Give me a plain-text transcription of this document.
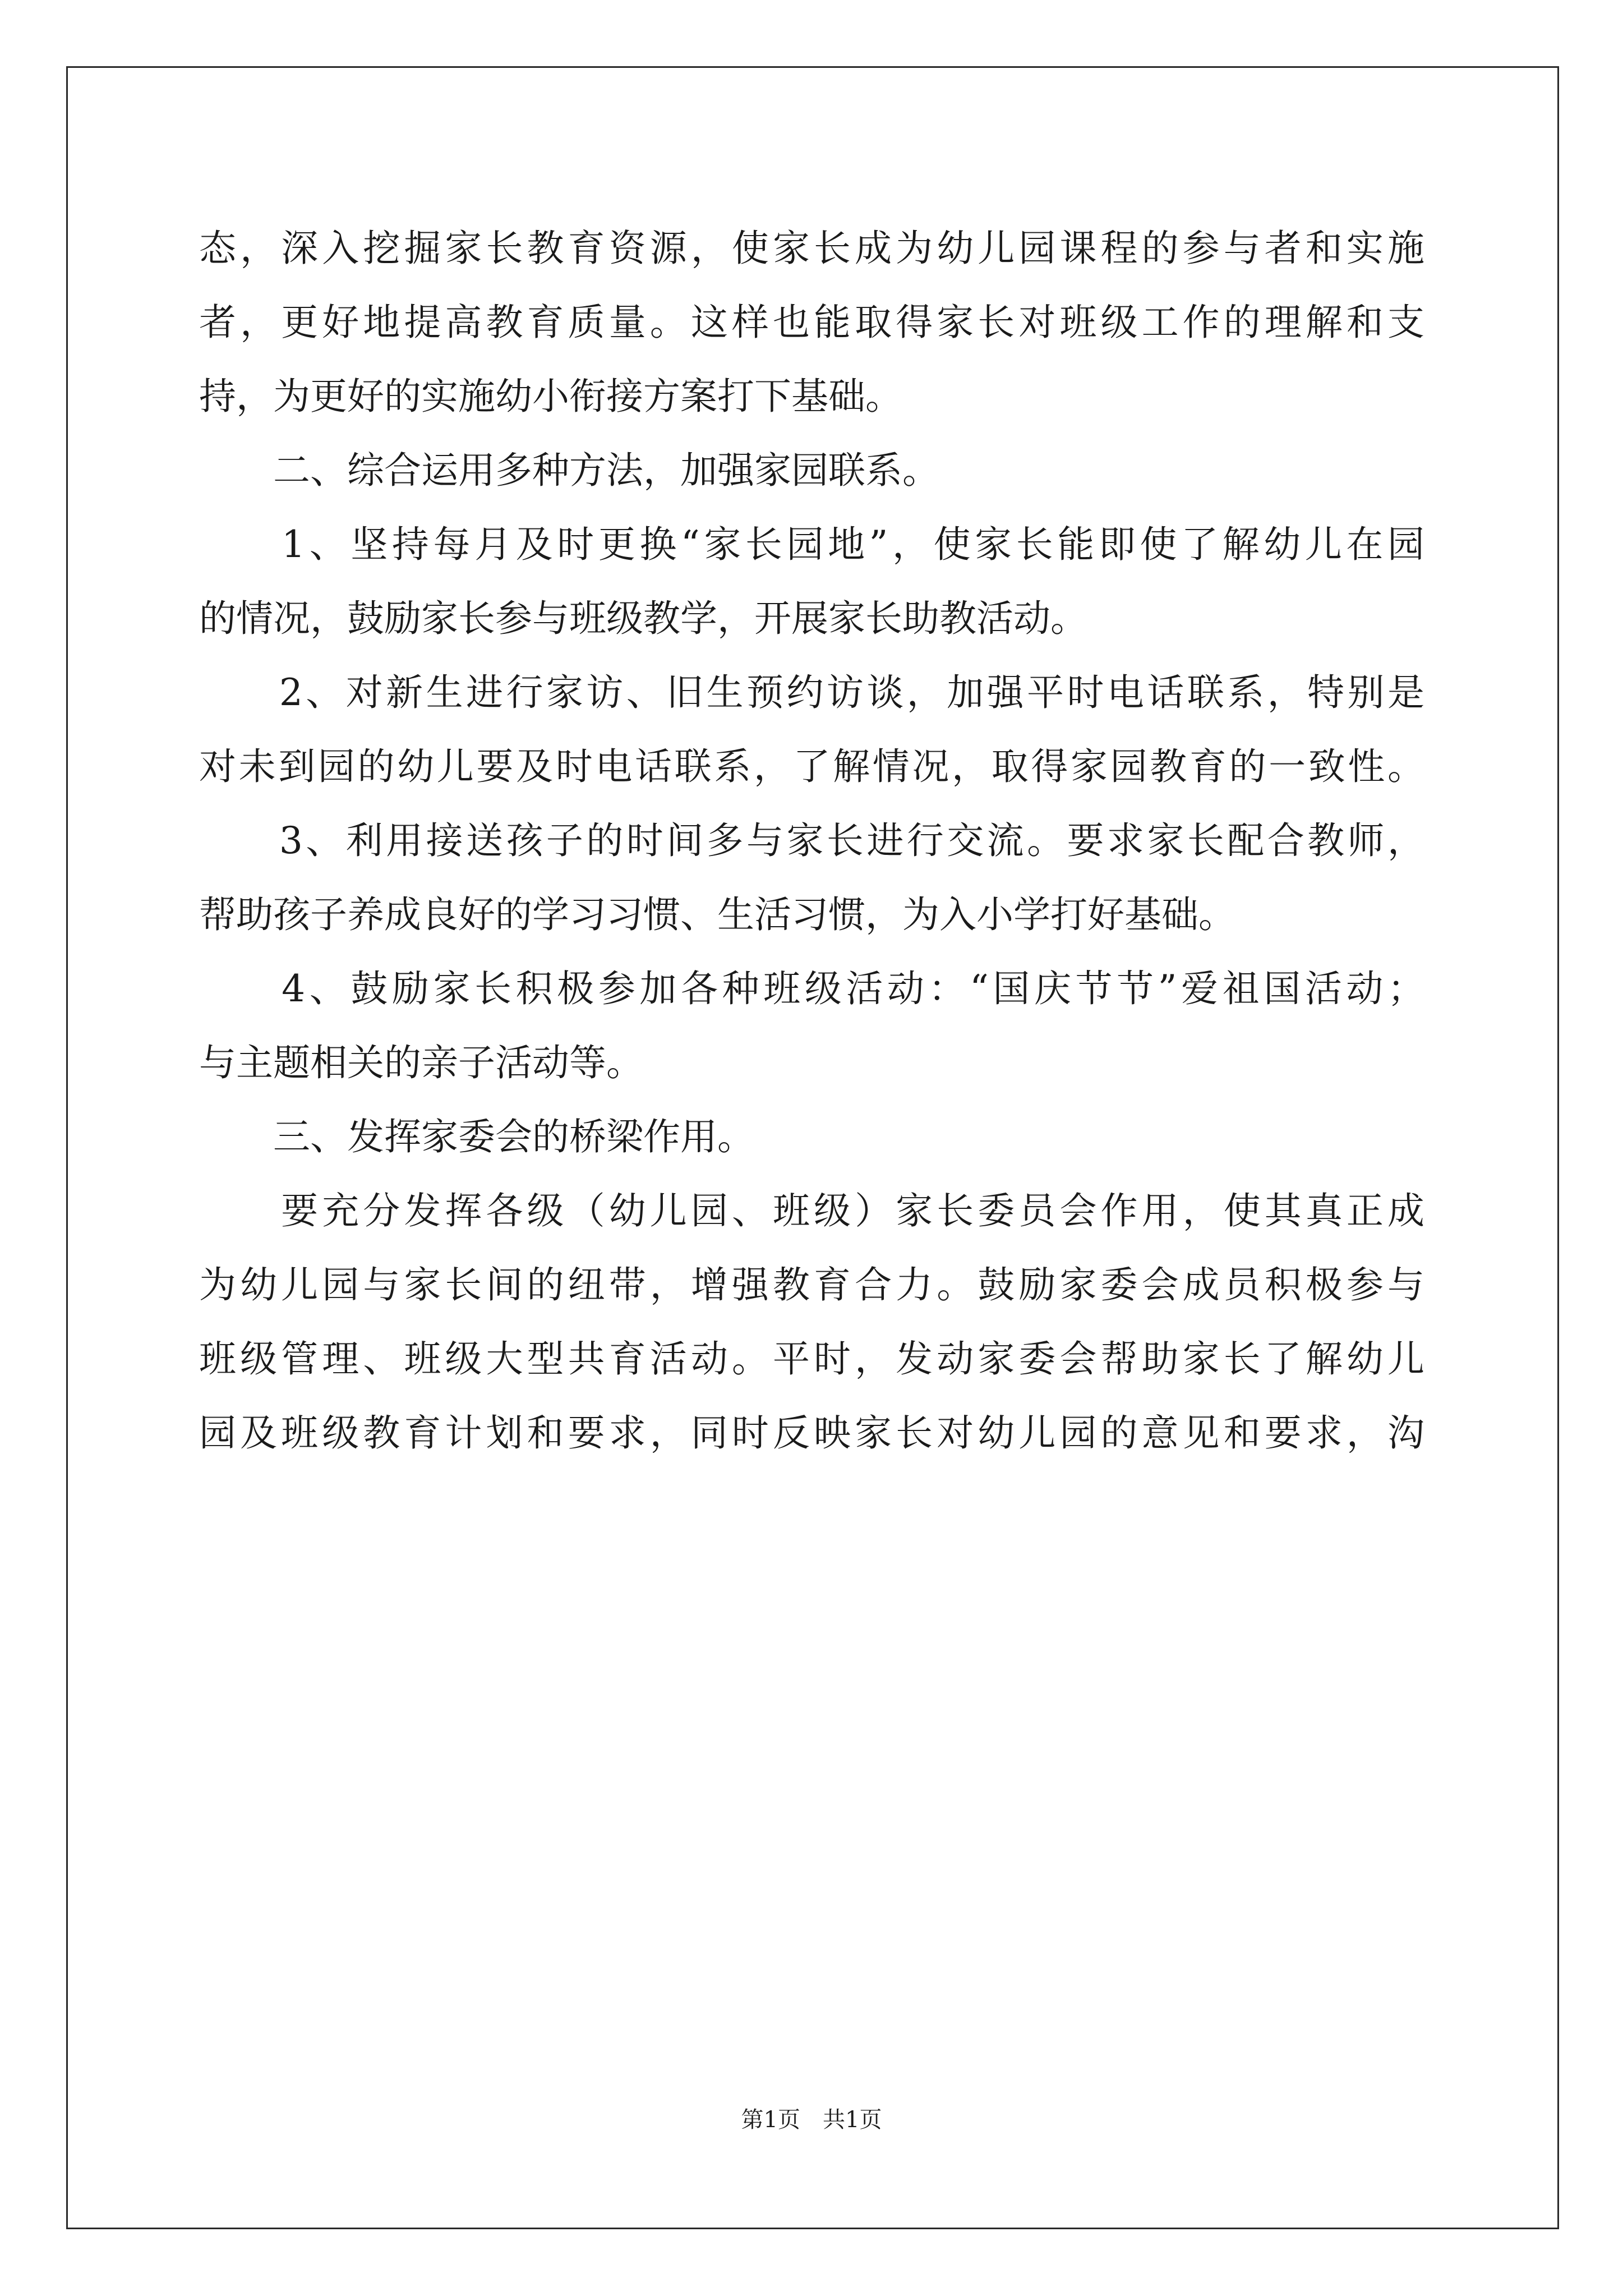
态，深入挖掘家长教育资源，使家长成为幼儿园课程的参与者和实施
者，更好地提高教育质量。这样也能取得家长对班级工作的理解和支
持，为更好的实施幼小衔接方案打下基础。
　　二、综合运用多种方法，加强家园联系。
　　1、坚持每月及时更换“家长园地”，使家长能即使了解幼儿在园
的情况，鼓励家长参与班级教学，开展家长助教活动。
　　2、对新生进行家访、旧生预约访谈，加强平时电话联系，特别是
对未到园的幼儿要及时电话联系，了解情况，取得家园教育的一致性。
　　3、利用接送孩子的时间多与家长进行交流。要求家长配合教师，
帮助孩子养成良好的学习习惯、生活习惯，为入小学打好基础。
　　4、鼓励家长积极参加各种班级活动：“国庆节节”爱祖国活动；
与主题相关的亲子活动等。
　　三、发挥家委会的桥梁作用。
　　要充分发挥各级（幼儿园、班级）家长委员会作用，使其真正成
为幼儿园与家长间的纽带，增强教育合力。鼓励家委会成员积极参与
班级管理、班级大型共育活动。平时，发动家委会帮助家长了解幼儿
园及班级教育计划和要求，同时反映家长对幼儿园的意见和要求，沟
第1页　共1页
